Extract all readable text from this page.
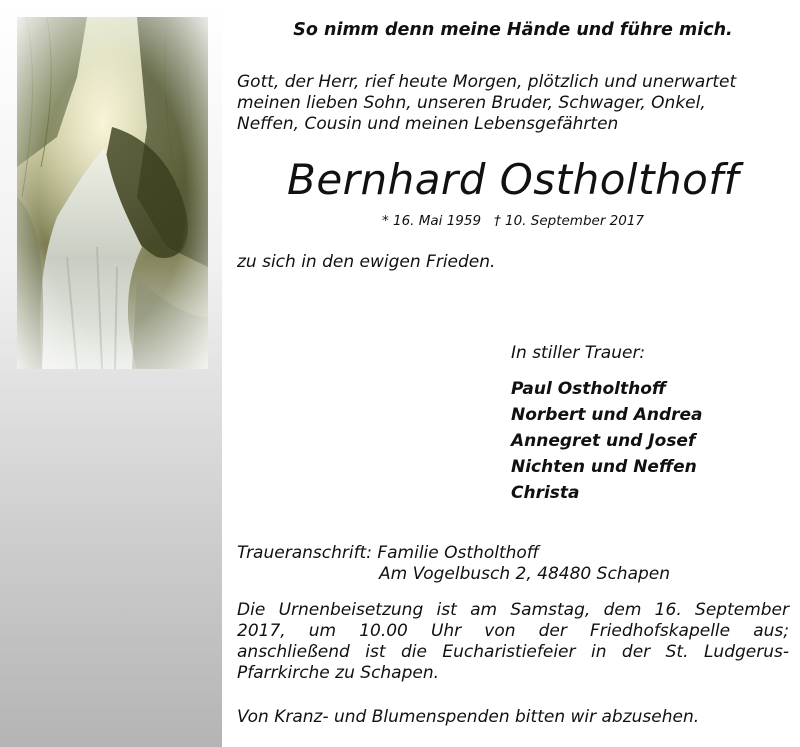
So nimm denn meine Hände und führe mich.
Gott, der Herr, rief heute Morgen, plötzlich und unerwartet
meinen lieben Sohn, unseren Bruder, Schwager, Onkel,
Neffen, Cousin und meinen Lebensgefährten
Bernhard Ostholthoff
* 16. Mai 1959   † 10. September 2017
zu sich in den ewigen Frieden.
In stiller Trauer:
Paul Ostholthoff
Norbert und Andrea
Annegret und Josef
Nichten und Neffen
Christa
Traueranschrift: Familie Ostholthoff
Am Vogelbusch 2, 48480 Schapen
Die Urnenbeisetzung ist am Samstag, dem 16. September
2017, um 10.00 Uhr von der Friedhofskapelle aus;
anschließend ist die Eucharistiefeier in der St. Ludgerus-
Pfarrkirche zu Schapen.
Von Kranz- und Blumenspenden bitten wir abzusehen.
